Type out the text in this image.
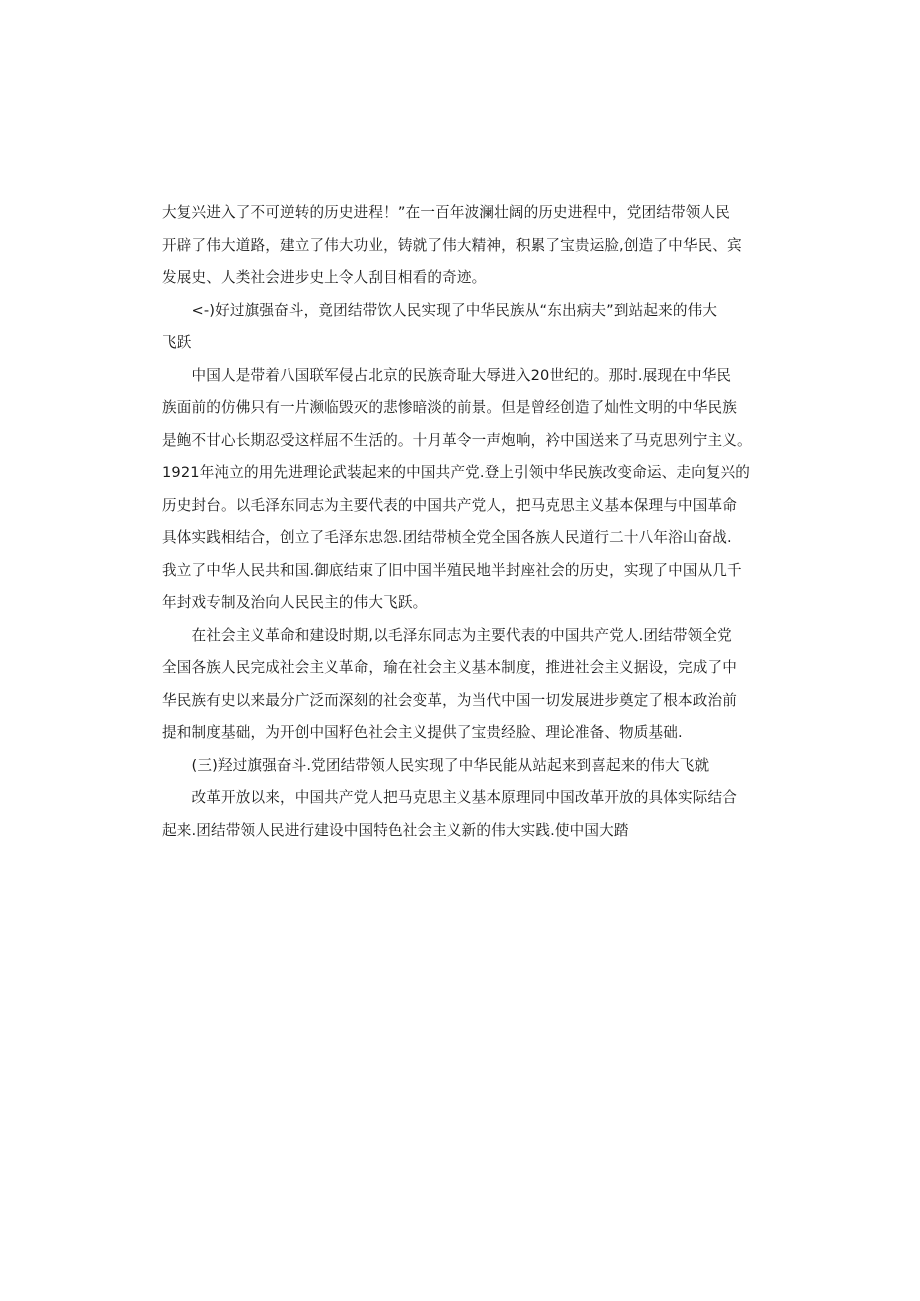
大复兴进入了不可逆转的历史进程！”在一百年波澜壮阔的历史进程中，党团结带领人民
开辟了伟大道路，建立了伟大功业，铸就了伟大精神，积累了宝贵运脸,创造了中华民、宾
发展史、人类社会进步史上令人刮目相看的奇迹。
　　<-)好过旗强奋斗，竟团结带饮人民实现了中华民族从“东出病夫”到站起来的伟大
飞跃
　　中国人是带着八国联军侵占北京的民族奇耻大辱进入20世纪的。那时.展现在中华民
族面前的仿佛只有一片濒临毁灭的悲惨暗淡的前景。但是曾经创造了灿性文明的中华民族
是鲍不甘心长期忍受这样屈不生活的。十月革令一声炮响，衿中国送来了马克思列宁主义。
1921年沌立的用先进理论武装起来的中国共产党.登上引领中华民族改变命运、走向复兴的
历史封台。以毛泽东同志为主要代表的中国共产党人，把马克思主义基本保理与中国革命
具体实践相结合，创立了毛泽东忠怨.团结带桢全党全国各族人民道行二十八年浴山奋战.
我立了中华人民共和国.御底结束了旧中国半殖民地半封座社会的历史，实现了中国从几千
年封戏专制及治向人民民主的伟大飞跃。
　　在社会主义革命和建设时期,以毛泽东同志为主要代表的中国共产党人.团结带领全党
全国各族人民完成社会主义革命，瑜在社会主义基本制度，推进社会主义据设，完成了中
华民族有史以来最分广泛而深刻的社会变革，为当代中国一切发展进步奠定了根本政治前
提和制度基础，为开创中国籽色社会主义提供了宝贵经脸、理论准备、物质基础.
　　(三)羟过旗强奋斗.党团结带领人民实现了中华民能从站起来到喜起来的伟大飞就
　　改革开放以来，中国共产党人把马克思主义基本原理同中国改革开放的具体实际结合
起来.团结带领人民进行建设中国特色社会主义新的伟大实践.使中国大踏
